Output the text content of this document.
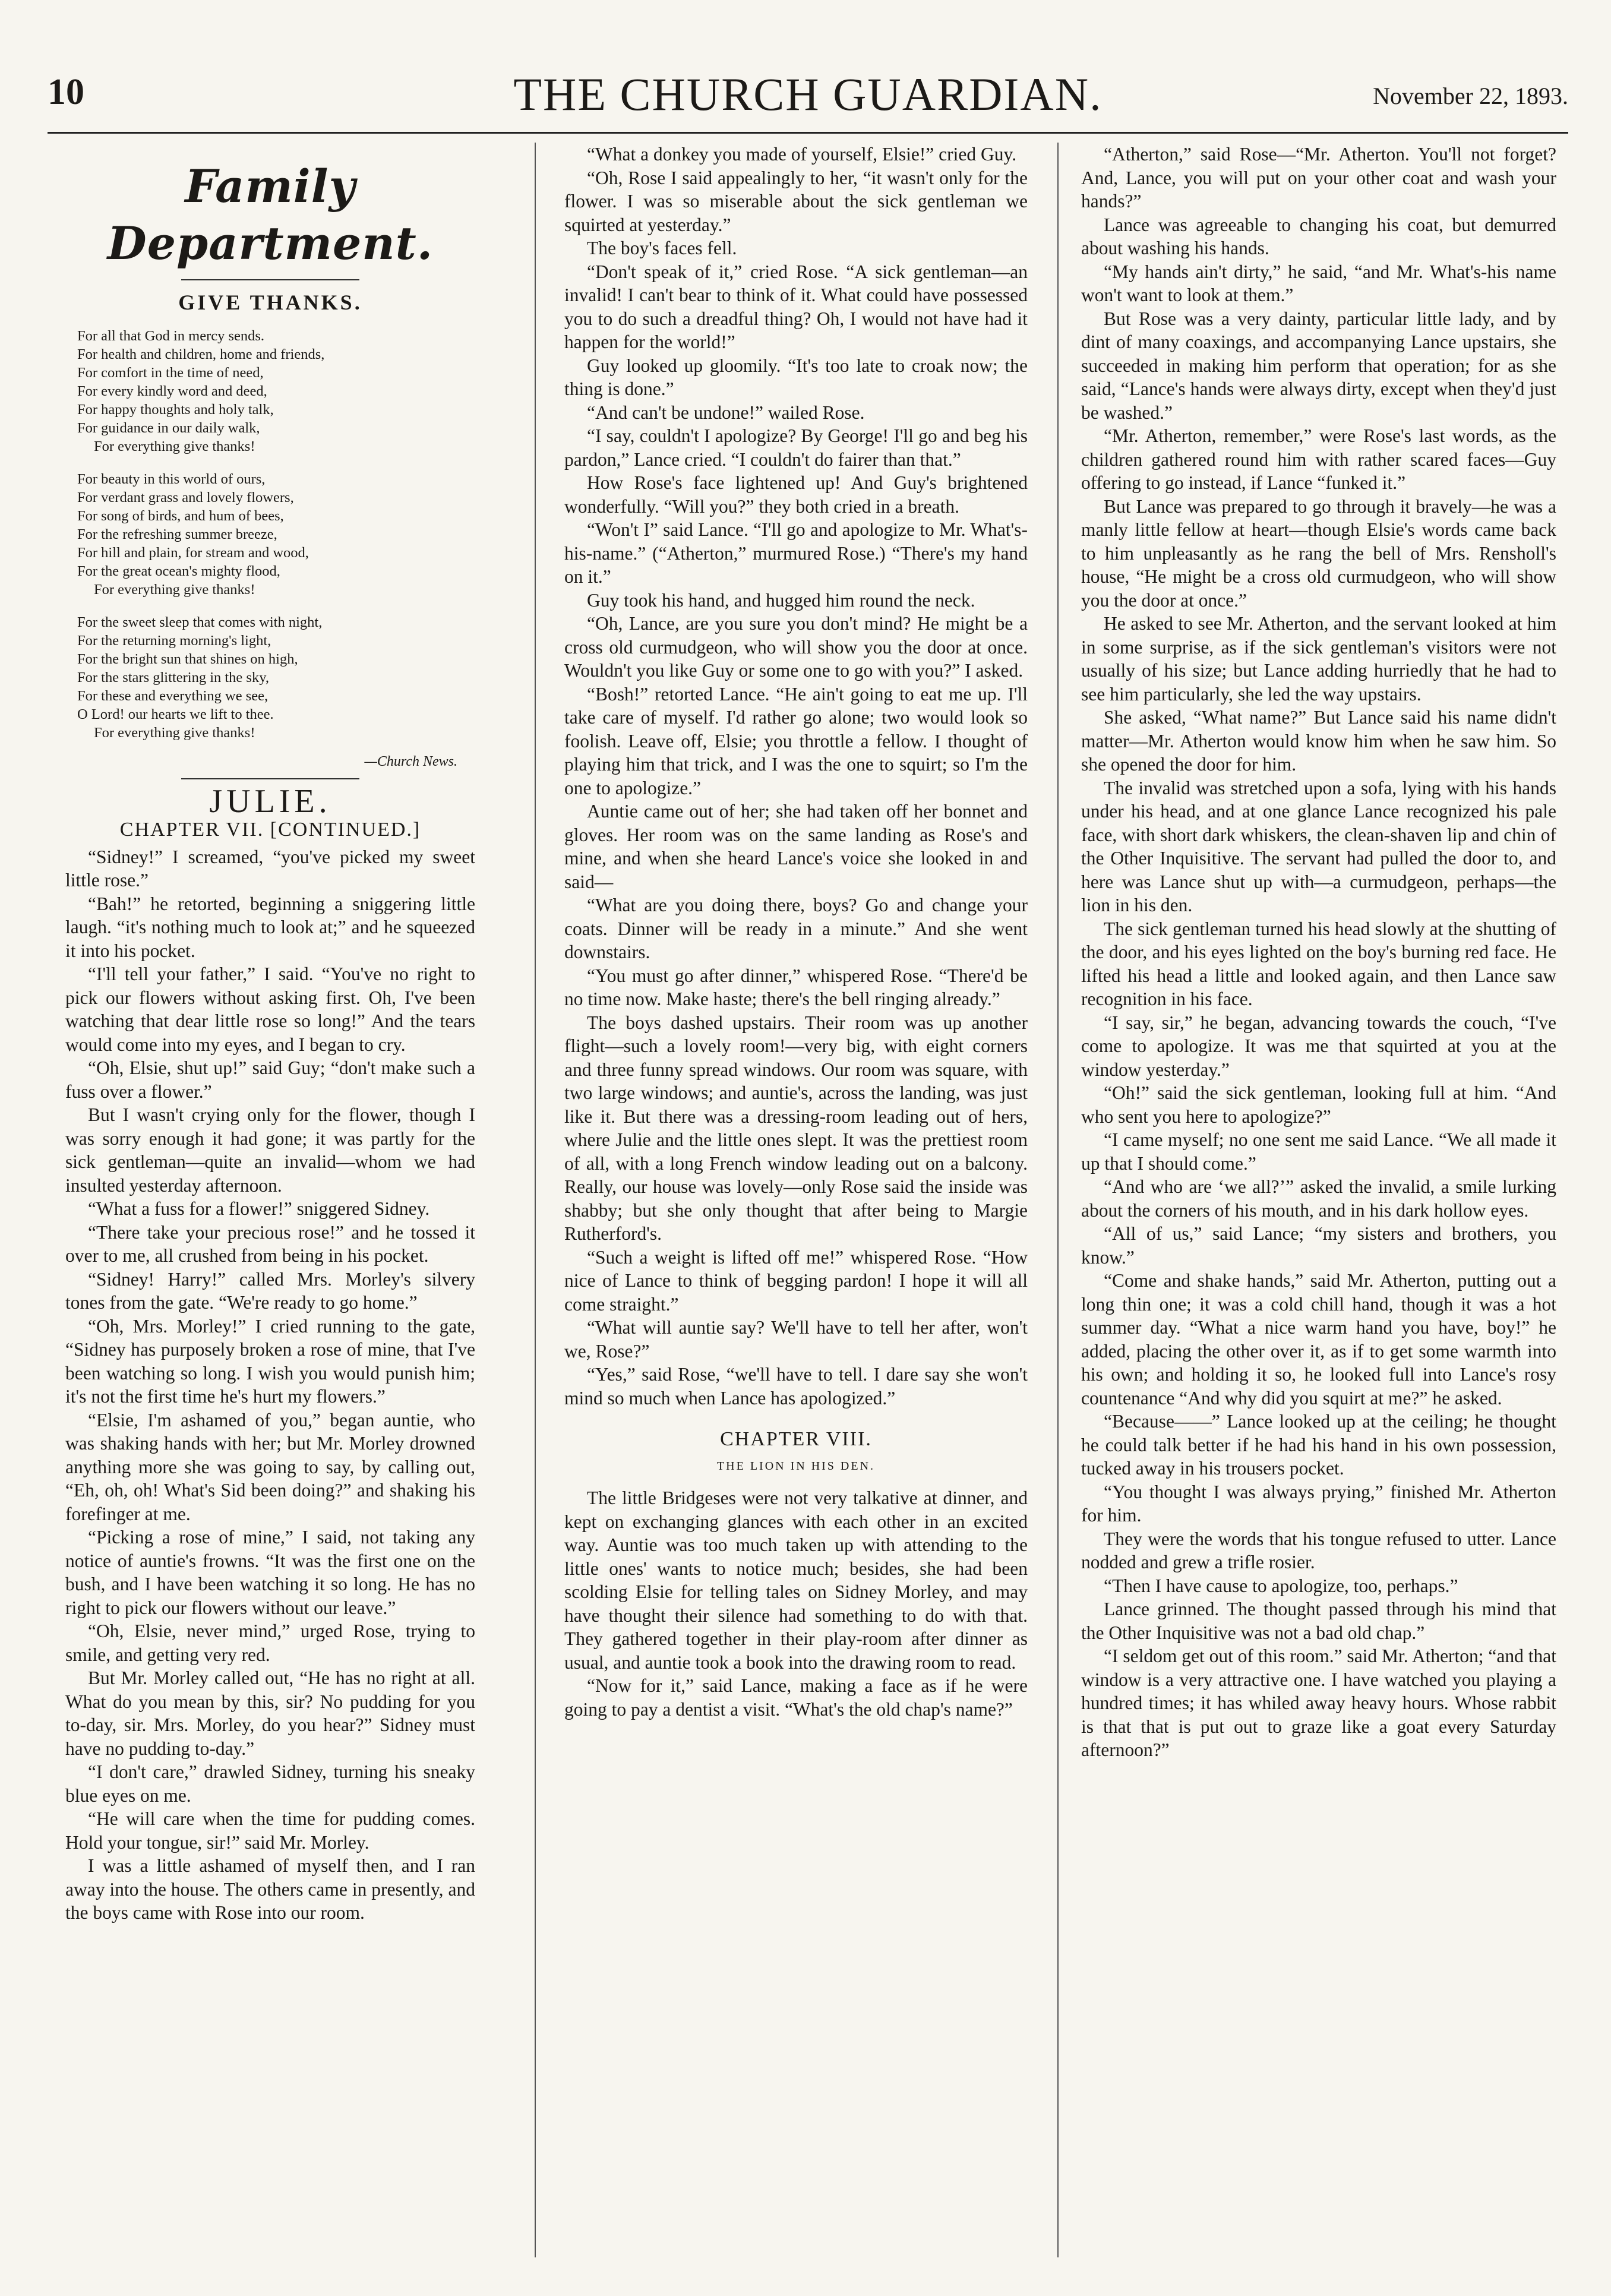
10	THE CHURCH GUARDIAN.	November 22, 1893.
Family Department.
GIVE THANKS.
For all that God in mercy sends.
For health and children, home and friends,
For comfort in the time of need,
For every kindly word and deed,
For happy thoughts and holy talk,
For guidance in our daily walk,
For everything give thanks!
For beauty in this world of ours,
For verdant grass and lovely flowers,
For song of birds, and hum of bees,
For the refreshing summer breeze,
For hill and plain, for stream and wood,
For the great ocean's mighty flood,
For everything give thanks!
For the sweet sleep that comes with night,
For the returning morning's light,
For the bright sun that shines on high,
For the stars glittering in the sky,
For these and everything we see,
O Lord! our hearts we lift to thee.
For everything give thanks!
—Church News.
JULIE.
CHAPTER VII. [CONTINUED.]

“Sidney!” I screamed, “you've picked my sweet little rose.”

“Bah!” he retorted, beginning a sniggering little laugh. “it's nothing much to look at;” and he squeezed it into his pocket.

“I'll tell your father,” I said. “You've no right to pick our flowers without asking first. Oh, I've been watching that dear little rose so long!” And the tears would come into my eyes, and I began to cry.

“Oh, Elsie, shut up!” said Guy; “don't make such a fuss over a flower.”

But I wasn't crying only for the flower, though I was sorry enough it had gone; it was partly for the sick gentleman—quite an invalid—whom we had insulted yesterday afternoon.

“What a fuss for a flower!” sniggered Sidney.

“There take your precious rose!” and he tossed it over to me, all crushed from being in his pocket.

“Sidney! Harry!” called Mrs. Morley's silvery tones from the gate. “We're ready to go home.”

“Oh, Mrs. Morley!” I cried running to the gate, “Sidney has purposely broken a rose of mine, that I've been watching so long. I wish you would punish him; it's not the first time he's hurt my flowers.”

“Elsie, I'm ashamed of you,” began auntie, who was shaking hands with her; but Mr. Morley drowned anything more she was going to say, by calling out, “Eh, oh, oh! What's Sid been doing?” and shaking his forefinger at me.

“Picking a rose of mine,” I said, not taking any notice of auntie's frowns. “It was the first one on the bush, and I have been watching it so long. He has no right to pick our flowers without our leave.”

“Oh, Elsie, never mind,” urged Rose, trying to smile, and getting very red.

But Mr. Morley called out, “He has no right at all. What do you mean by this, sir? No pudding for you to-day, sir. Mrs. Morley, do you hear?” Sidney must have no pudding to-day.”

“I don't care,” drawled Sidney, turning his sneaky blue eyes on me.

“He will care when the time for pudding comes. Hold your tongue, sir!” said Mr. Morley.

I was a little ashamed of myself then, and I ran away into the house. The others came in presently, and the boys came with Rose into our room.

“What a donkey you made of yourself, Elsie!” cried Guy.

“Oh, Rose I said appealingly to her, “it wasn't only for the flower. I was so miserable about the sick gentleman we squirted at yesterday.”

The boy's faces fell.

“Don't speak of it,” cried Rose. “A sick gentleman—an invalid! I can't bear to think of it. What could have possessed you to do such a dreadful thing? Oh, I would not have had it happen for the world!”

Guy looked up gloomily. “It's too late to croak now; the thing is done.”

“And can't be undone!” wailed Rose.

“I say, couldn't I apologize? By George! I'll go and beg his pardon,” Lance cried. “I couldn't do fairer than that.”

How Rose's face lightened up! And Guy's brightened wonderfully. “Will you?” they both cried in a breath.

“Won't I” said Lance. “I'll go and apologize to Mr. What's-his-name.” (“Atherton,” murmured Rose.) “There's my hand on it.”

Guy took his hand, and hugged him round the neck.

“Oh, Lance, are you sure you don't mind? He might be a cross old curmudgeon, who will show you the door at once. Wouldn't you like Guy or some one to go with you?” I asked.

“Bosh!” retorted Lance. “He ain't going to eat me up. I'll take care of myself. I'd rather go alone; two would look so foolish. Leave off, Elsie; you throttle a fellow. I thought of playing him that trick, and I was the one to squirt; so I'm the one to apologize.”

Auntie came out of her; she had taken off her bonnet and gloves. Her room was on the same landing as Rose's and mine, and when she heard Lance's voice she looked in and said—

“What are you doing there, boys? Go and change your coats. Dinner will be ready in a minute.” And she went downstairs.

“You must go after dinner,” whispered Rose. “There'd be no time now. Make haste; there's the bell ringing already.”

The boys dashed upstairs. Their room was up another flight—such a lovely room!—very big, with eight corners and three funny spread windows. Our room was square, with two large windows; and auntie's, across the landing, was just like it. But there was a dressing-room leading out of hers, where Julie and the little ones slept. It was the prettiest room of all, with a long French window leading out on a balcony. Really, our house was lovely—only Rose said the inside was shabby; but she only thought that after being to Margie Rutherford's.

“Such a weight is lifted off me!” whispered Rose. “How nice of Lance to think of begging pardon! I hope it will all come straight.”

“What will auntie say? We'll have to tell her after, won't we, Rose?”

“Yes,” said Rose, “we'll have to tell. I dare say she won't mind so much when Lance has apologized.”

CHAPTER VIII.
THE LION IN HIS DEN.

The little Bridgeses were not very talkative at dinner, and kept on exchanging glances with each other in an excited way. Auntie was too much taken up with attending to the little ones' wants to notice much; besides, she had been scolding Elsie for telling tales on Sidney Morley, and may have thought their silence had something to do with that. They gathered together in their play-room after dinner as usual, and auntie took a book into the drawing room to read.

“Now for it,” said Lance, making a face as if he were going to pay a dentist a visit. “What's the old chap's name?”

“Atherton,” said Rose—“Mr. Atherton. You'll not forget? And, Lance, you will put on your other coat and wash your hands?”

Lance was agreeable to changing his coat, but demurred about washing his hands.

“My hands ain't dirty,” he said, “and Mr. What's-his name won't want to look at them.”

But Rose was a very dainty, particular little lady, and by dint of many coaxings, and accompanying Lance upstairs, she succeeded in making him perform that operation; for as she said, “Lance's hands were always dirty, except when they'd just be washed.”

“Mr. Atherton, remember,” were Rose's last words, as the children gathered round him with rather scared faces—Guy offering to go instead, if Lance “funked it.”

But Lance was prepared to go through it bravely—he was a manly little fellow at heart—though Elsie's words came back to him unpleasantly as he rang the bell of Mrs. Rensholl's house, “He might be a cross old curmudgeon, who will show you the door at once.”

He asked to see Mr. Atherton, and the servant looked at him in some surprise, as if the sick gentleman's visitors were not usually of his size; but Lance adding hurriedly that he had to see him particularly, she led the way upstairs.

She asked, “What name?” But Lance said his name didn't matter—Mr. Atherton would know him when he saw him. So she opened the door for him.

The invalid was stretched upon a sofa, lying with his hands under his head, and at one glance Lance recognized his pale face, with short dark whiskers, the clean-shaven lip and chin of the Other Inquisitive. The servant had pulled the door to, and here was Lance shut up with—a curmudgeon, perhaps—the lion in his den.

The sick gentleman turned his head slowly at the shutting of the door, and his eyes lighted on the boy's burning red face. He lifted his head a little and looked again, and then Lance saw recognition in his face.

“I say, sir,” he began, advancing towards the couch, “I've come to apologize. It was me that squirted at you at the window yesterday.”

“Oh!” said the sick gentleman, looking full at him. “And who sent you here to apologize?”

“I came myself; no one sent me said Lance. “We all made it up that I should come.”

“And who are ‘we all?’” asked the invalid, a smile lurking about the corners of his mouth, and in his dark hollow eyes.

“All of us,” said Lance; “my sisters and brothers, you know.”

“Come and shake hands,” said Mr. Atherton, putting out a long thin one; it was a cold chill hand, though it was a hot summer day. “What a nice warm hand you have, boy!” he added, placing the other over it, as if to get some warmth into his own; and holding it so, he looked full into Lance's rosy countenance “And why did you squirt at me?” he asked.

“Because——” Lance looked up at the ceiling; he thought he could talk better if he had his hand in his own possession, tucked away in his trousers pocket.

“You thought I was always prying,” finished Mr. Atherton for him.

They were the words that his tongue refused to utter. Lance nodded and grew a trifle rosier.

“Then I have cause to apologize, too, perhaps.”

Lance grinned. The thought passed through his mind that the Other Inquisitive was not a bad old chap.”

“I seldom get out of this room.” said Mr. Atherton; “and that window is a very attractive one. I have watched you playing a hundred times; it has whiled away heavy hours. Whose rabbit is that that is put out to graze like a goat every Saturday afternoon?”
